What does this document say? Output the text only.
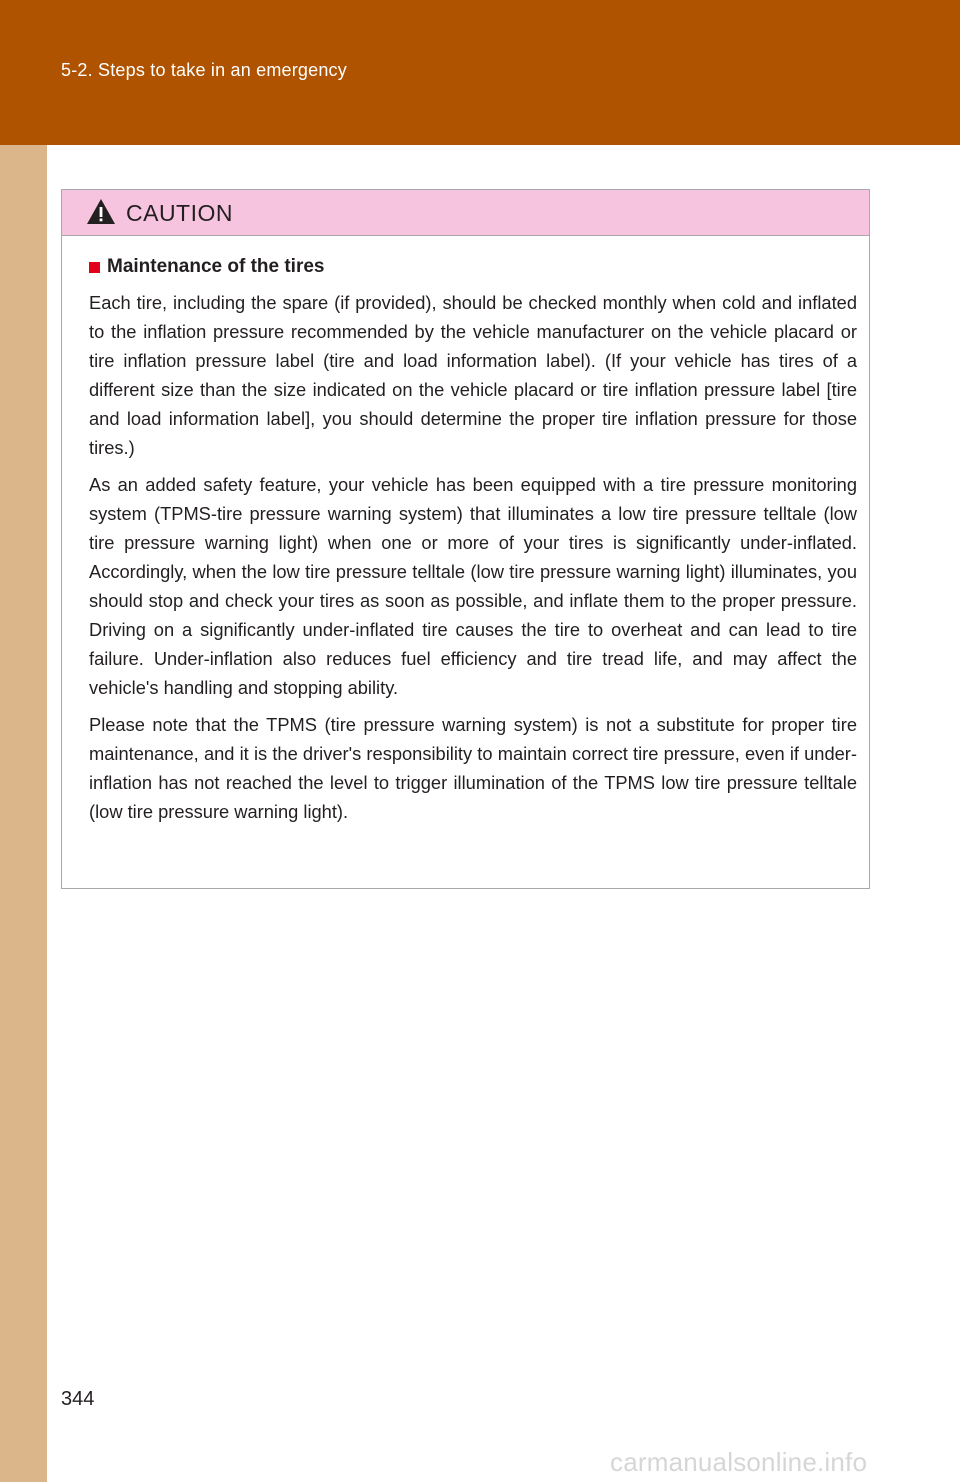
5-2. Steps to take in an emergency
CAUTION
Maintenance of the tires

Each tire, including the spare (if provided), should be checked monthly when cold and inflated to the inflation pressure recommended by the vehicle manufacturer on the vehicle placard or tire inflation pressure label (tire and load information label). (If your vehicle has tires of a different size than the size indicated on the vehicle placard or tire inflation pressure label [tire and load information label], you should determine the proper tire inflation pressure for those tires.)

As an added safety feature, your vehicle has been equipped with a tire pressure monitoring system (TPMS-tire pressure warning system) that illuminates a low tire pressure telltale (low tire pressure warning light) when one or more of your tires is significantly under-inflated. Accordingly, when the low tire pressure telltale (low tire pressure warning light) illuminates, you should stop and check your tires as soon as possible, and inflate them to the proper pressure. Driving on a significantly under-inflated tire causes the tire to overheat and can lead to tire failure. Under-inflation also reduces fuel efficiency and tire tread life, and may affect the vehicle's handling and stopping ability.

Please note that the TPMS (tire pressure warning system) is not a substitute for proper tire maintenance, and it is the driver's responsibility to maintain correct tire pressure, even if under-inflation has not reached the level to trigger illumination of the TPMS low tire pressure telltale (low tire pressure warning light).

344
carmanualsonline.info
